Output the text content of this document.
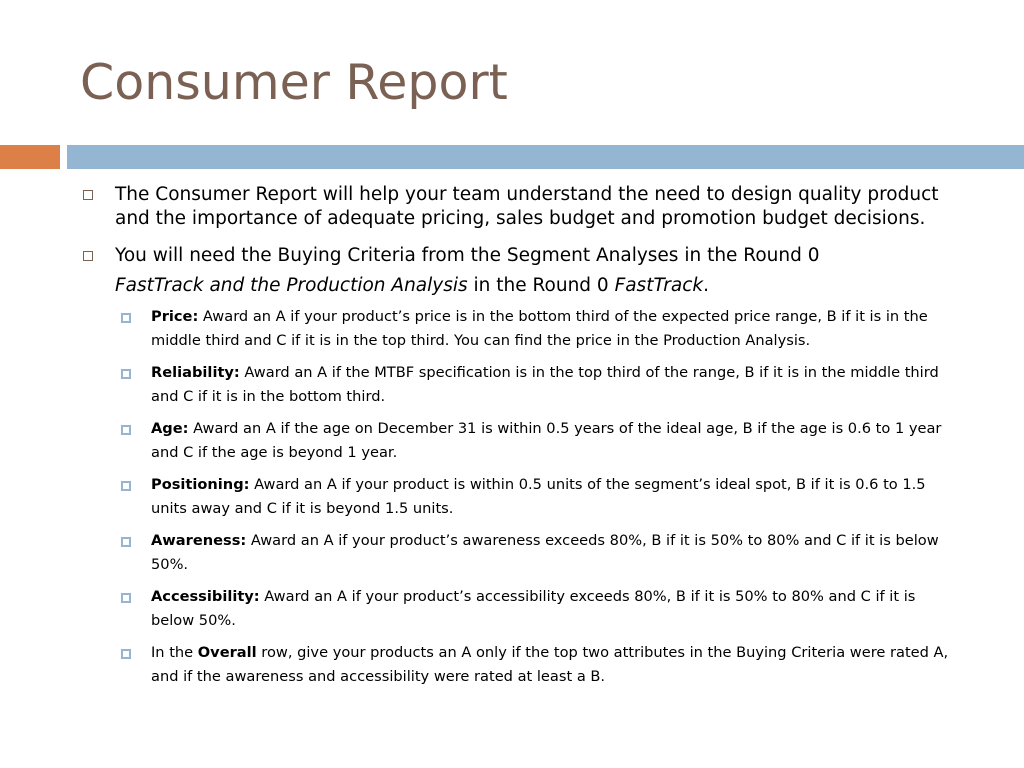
Consumer Report
The Consumer Report will help your team understand the need to design quality product and the importance of adequate pricing, sales budget and promotion budget decisions.
You will need the Buying Criteria from the Segment Analyses in the Round 0
FastTrack and the Production Analysis in the Round 0 FastTrack.
Price: Award an A if your product’s price is in the bottom third of the expected price range, B if it is in the middle third and C if it is in the top third. You can find the price in the Production Analysis.
Reliability: Award an A if the MTBF specification is in the top third of the range, B if it is in the middle third and C if it is in the bottom third.
Age: Award an A if the age on December 31 is within 0.5 years of the ideal age, B if the age is 0.6 to 1 year and C if the age is beyond 1 year.
Positioning: Award an A if your product is within 0.5 units of the segment’s ideal spot, B if it is 0.6 to 1.5 units away and C if it is beyond 1.5 units.
Awareness: Award an A if your product’s awareness exceeds 80%, B if it is 50% to 80% and C if it is below 50%.
Accessibility: Award an A if your product’s accessibility exceeds 80%, B if it is 50% to 80% and C if it is below 50%.
In the Overall row, give your products an A only if the top two attributes in the Buying Criteria were rated A, and if the awareness and accessibility were rated at least a B.
